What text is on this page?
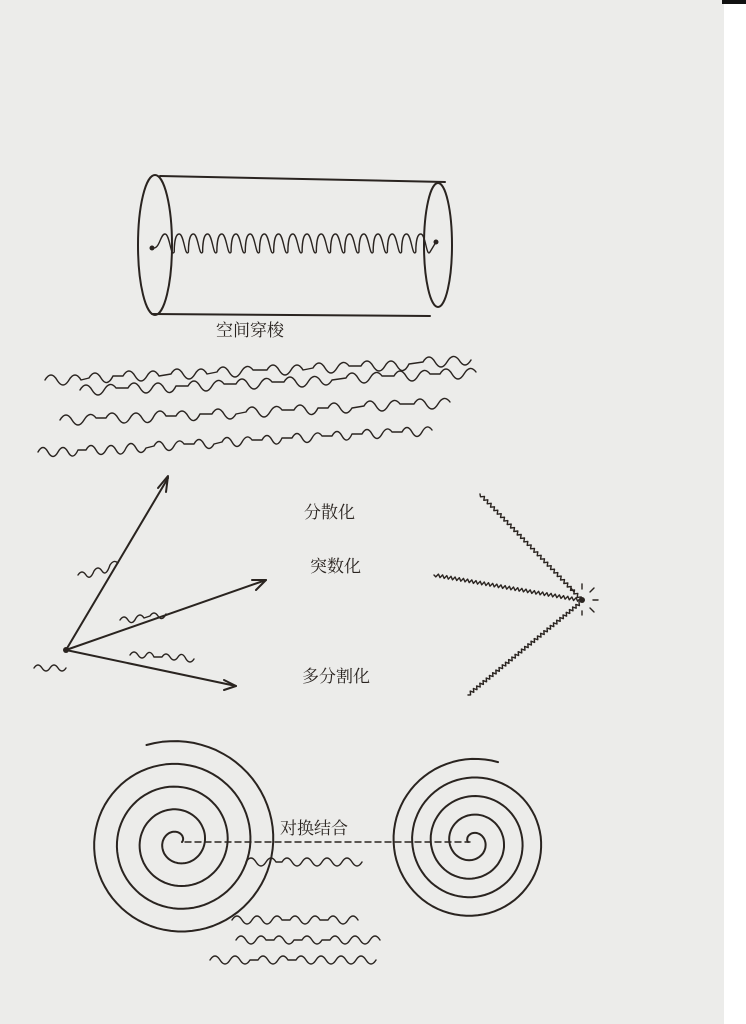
空间穿梭
分散化
突数化
多分割化
对换结合
